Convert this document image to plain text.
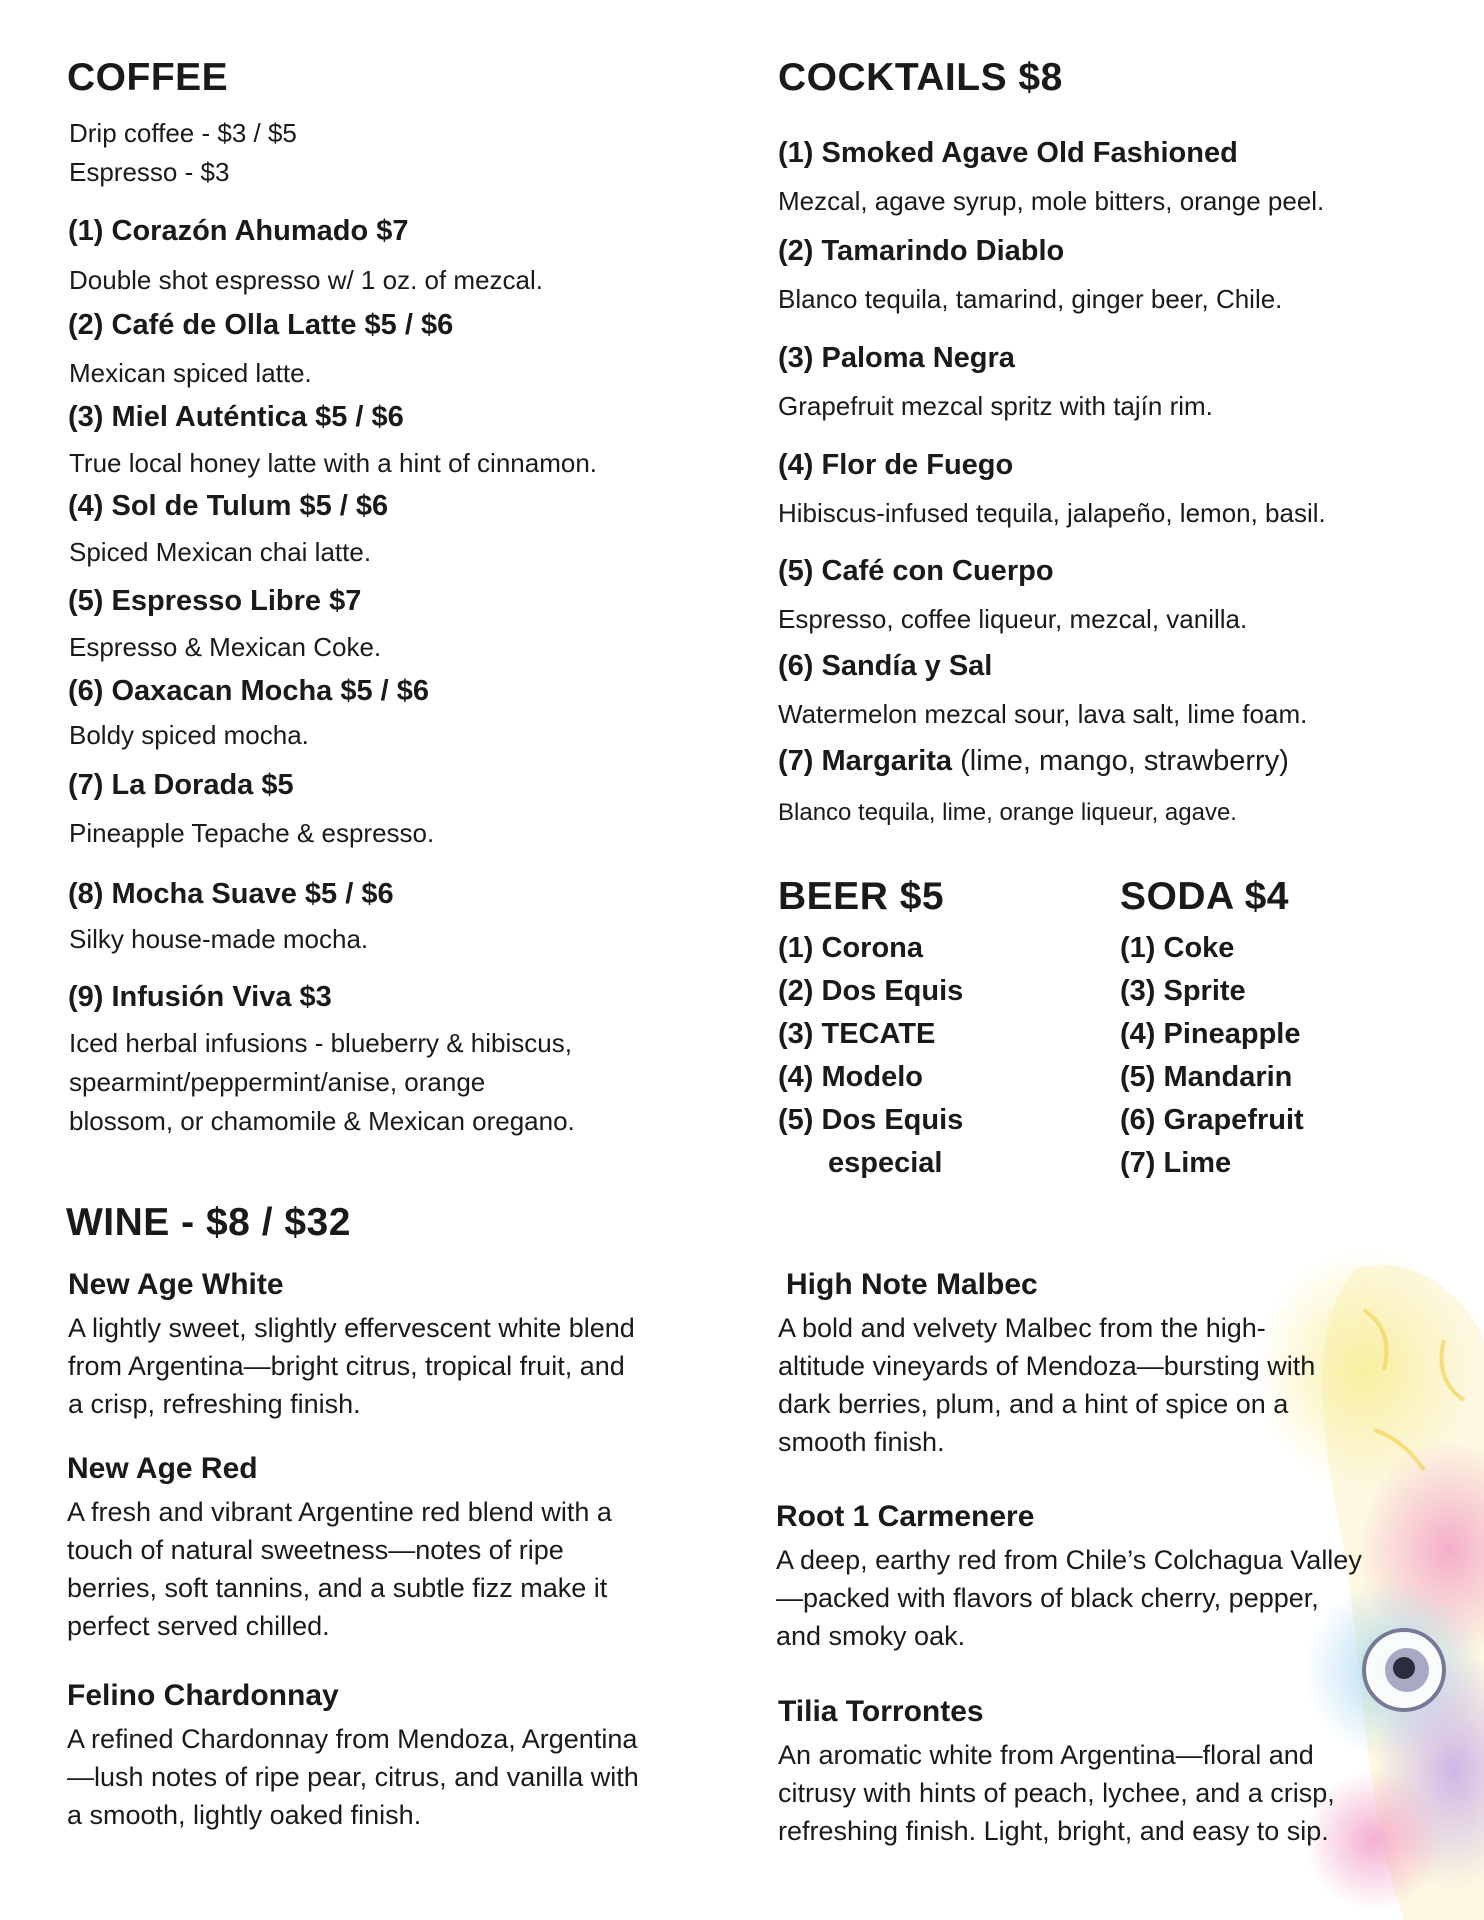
COFFEE
Drip coffee - $3 / $5
Espresso - $3
(1) Corazón Ahumado $7
Double shot espresso w/ 1 oz. of mezcal.
(2) Café de Olla Latte $5 / $6
Mexican spiced latte.
(3) Miel Auténtica $5 / $6
True local honey latte with a hint of cinnamon.
(4) Sol de Tulum $5 / $6
Spiced Mexican chai latte.
(5) Espresso Libre $7
Espresso & Mexican Coke.
(6) Oaxacan Mocha $5 / $6
Boldy spiced mocha.
(7) La Dorada $5
Pineapple Tepache & espresso.
(8) Mocha Suave $5 / $6
Silky house-made mocha.
(9) Infusión Viva $3
Iced herbal infusions - blueberry & hibiscus,
spearmint/peppermint/anise, orange
blossom, or chamomile & Mexican oregano.
COCKTAILS $8
(1) Smoked Agave Old Fashioned
Mezcal, agave syrup, mole bitters, orange peel.
(2) Tamarindo Diablo
Blanco tequila, tamarind, ginger beer, Chile.
(3) Paloma Negra
Grapefruit mezcal spritz with tajín rim.
(4) Flor de Fuego
Hibiscus-infused tequila, jalapeño, lemon, basil.
(5) Café con Cuerpo
Espresso, coffee liqueur, mezcal, vanilla.
(6) Sandía y Sal
Watermelon mezcal sour, lava salt, lime foam.
(7) Margarita (lime, mango, strawberry)
Blanco tequila, lime, orange liqueur, agave.
BEER $5
(1) Corona
(2) Dos Equis
(3) TECATE
(4) Modelo
(5) Dos Equis
especial
SODA $4
(1) Coke
(3) Sprite
(4) Pineapple
(5) Mandarin
(6) Grapefruit
(7) Lime
WINE - $8 / $32
New Age White
A lightly sweet, slightly effervescent white blend
from Argentina—bright citrus, tropical fruit, and
a crisp, refreshing finish.
New Age Red
A fresh and vibrant Argentine red blend with a
touch of natural sweetness—notes of ripe
berries, soft tannins, and a subtle fizz make it
perfect served chilled.
Felino Chardonnay
A refined Chardonnay from Mendoza, Argentina
—lush notes of ripe pear, citrus, and vanilla with
a smooth, lightly oaked finish.
High Note Malbec
A bold and velvety Malbec from the high-
altitude vineyards of Mendoza—bursting with
dark berries, plum, and a hint of spice on a
smooth finish.
Root 1 Carmenere
A deep, earthy red from Chile’s Colchagua Valley
—packed with flavors of black cherry, pepper,
and smoky oak.
Tilia Torrontes
An aromatic white from Argentina—floral and
citrusy with hints of peach, lychee, and a crisp,
refreshing finish. Light, bright, and easy to sip.
